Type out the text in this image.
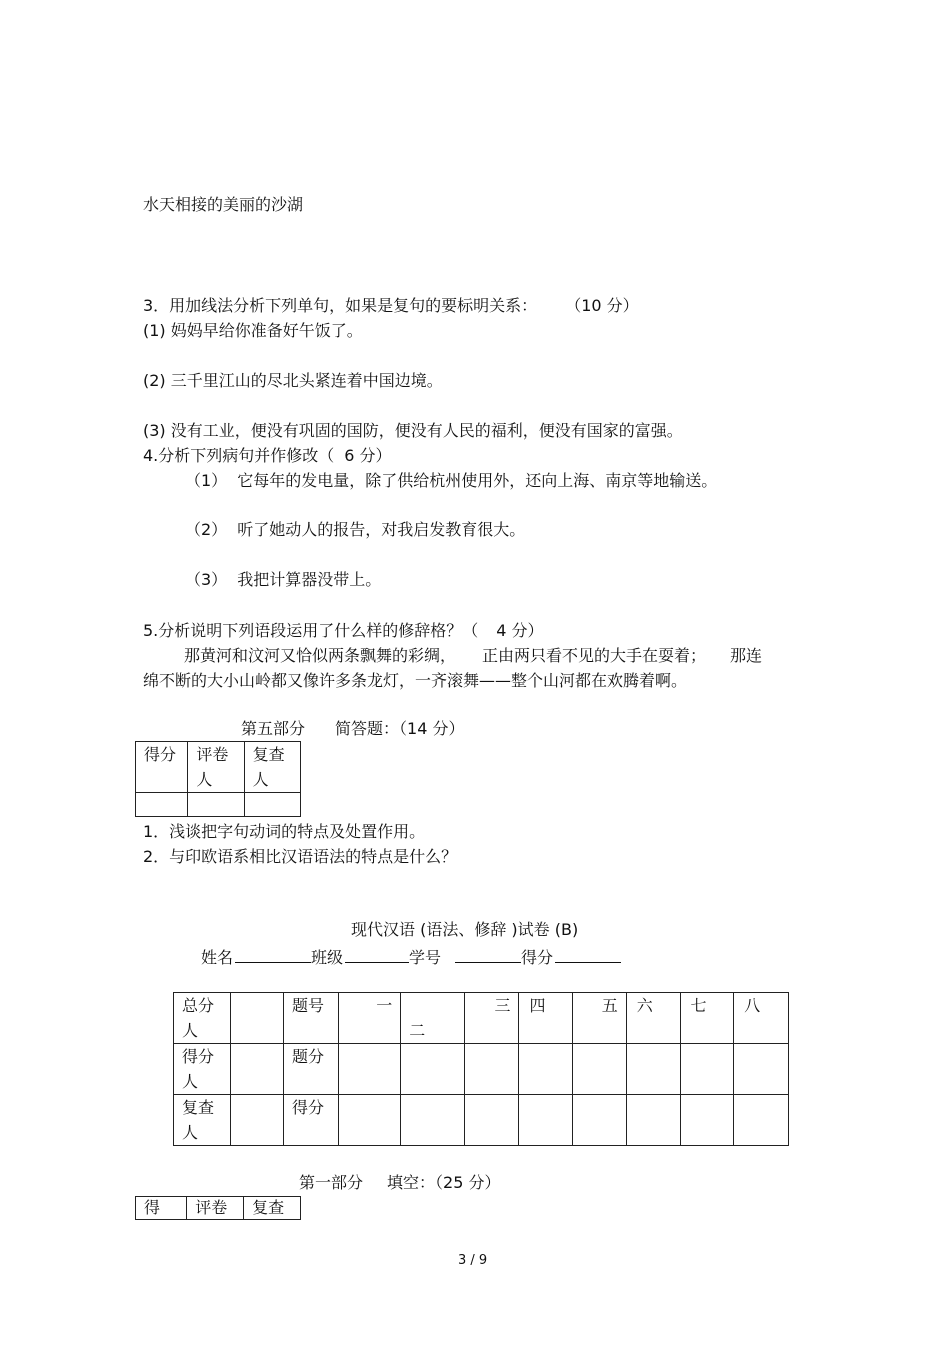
水天相接的美丽的沙湖
3．用加线法分析下列单句，如果是复句的要标明关系： （10 分）
(1) 妈妈早给你准备好午饭了。
(2) 三千里江山的尽北头紧连着中国边境。
(3) 没有工业，便没有巩固的国防，便没有人民的福利，便没有国家的富强。
4.分析下列病句并作修改（ 6 分）
（1） 它每年的发电量，除了供给杭州使用外，还向上海、南京等地输送。
（2） 听了她动人的报告，对我启发教育很大。
（3） 我把计算器没带上。
5.分析说明下列语段运用了什么样的修辞格？（ 4 分）
那黄河和汶河又恰似两条飘舞的彩绸， 正由两只看不见的大手在耍着； 那连
绵不断的大小山岭都又像许多条龙灯，一齐滚舞——整个山河都在欢腾着啊。
第五部分 简答题：（14 分）
得分	评卷人	复查人

1．浅谈把字句动词的特点及处置作用。
2．与印欧语系相比汉语语法的特点是什么？
现代汉语 (语法、修辞 )试卷 (B)
姓名	班级	学号	得分
总分人		题号	一	二	三	四	五	六	七	八

得分人		题分								

复查人		得分								
第一部分 填空：（25 分）
得	评卷	复查
3 / 9
